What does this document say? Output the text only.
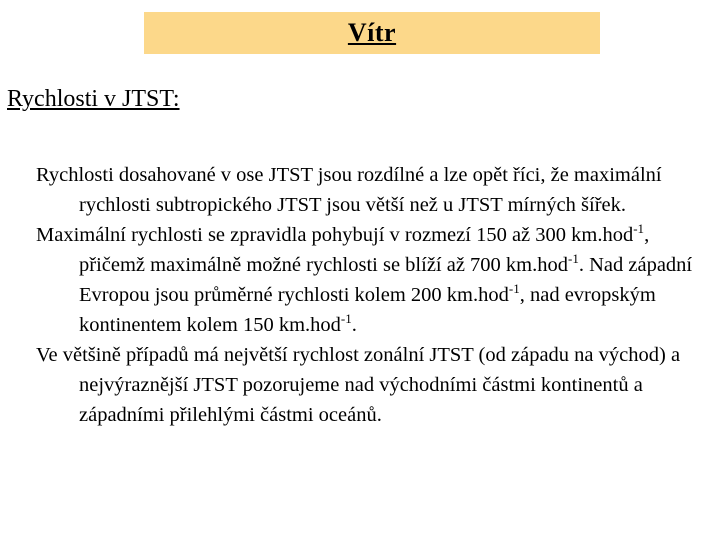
Vítr
Rychlosti v JTST:

Rychlosti dosahované v ose JTST jsou rozdílné a lze opět říci, že maximální rychlosti subtropického JTST jsou větší než u JTST mírných šířek.

Maximální rychlosti se zpravidla pohybují v rozmezí 150 až 300 km.hod$^{-1}$, přičemž maximálně možné rychlosti se blíží až 700 km.hod$^{-1}$. Nad západní Evropou jsou průměrné rychlosti kolem 200 km.hod$^{-1}$, nad evropským kontinentem kolem 150 km.hod$^{-1}$.

Ve většině případů má největší rychlost zonální JTST (od západu na východ) a nejvýraznější JTST pozorujeme nad východními částmi kontinentů a západními přilehlými částmi oceánů.
